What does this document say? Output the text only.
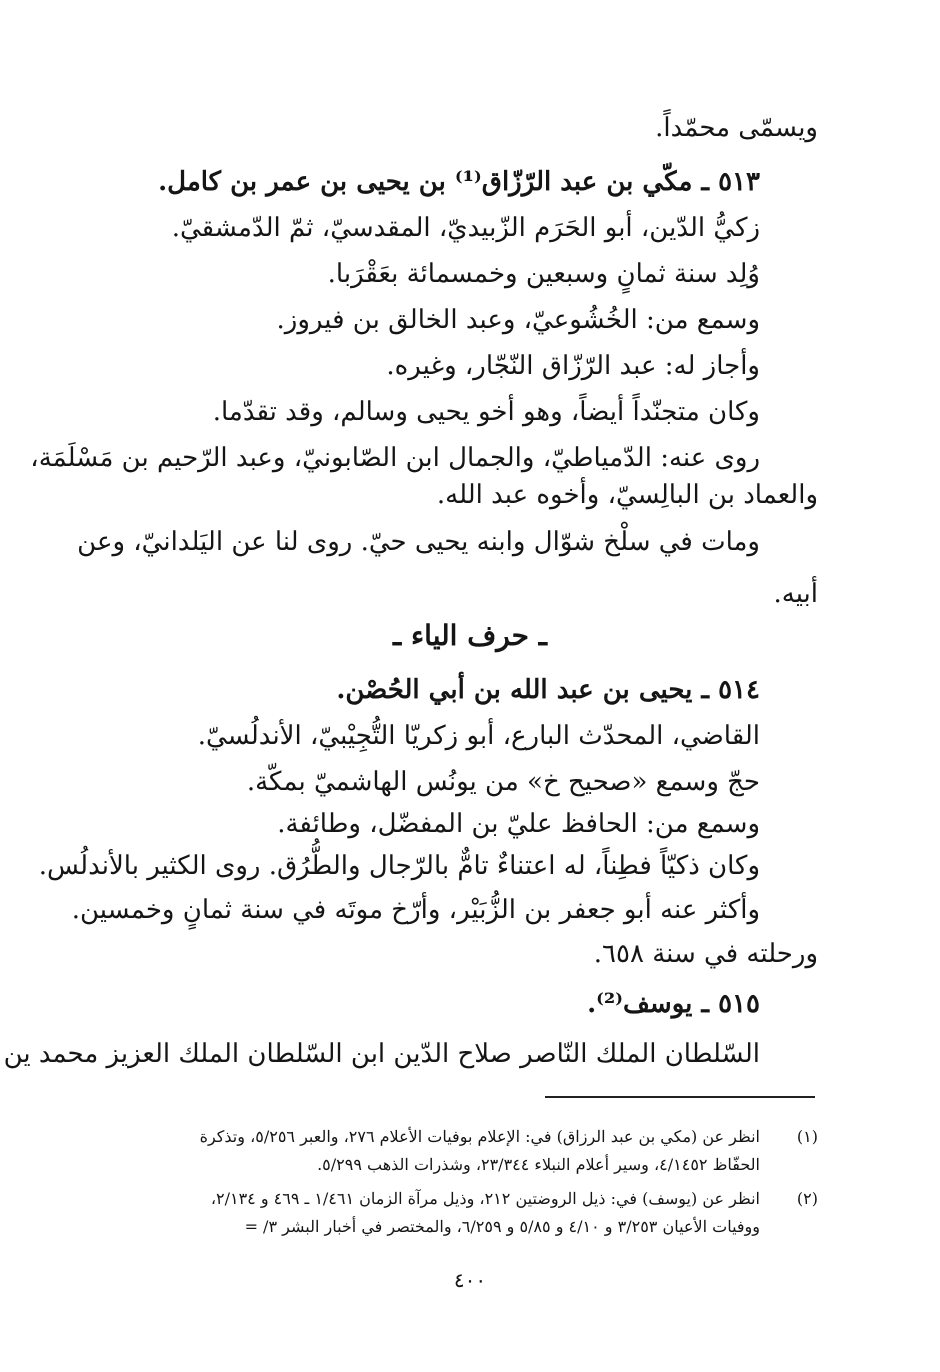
ويسمّى محمّداً.
٥١٣ ـ مكّي بن عبد الرّزّاق⁽¹⁾ بن يحيى بن عمر بن كامل.
زكيُّ الدّين، أبو الحَرَم الزّبيديّ، المقدسيّ، ثمّ الدّمشقيّ.
وُلِد سنة ثمانٍ وسبعين وخمسمائة بعَقْرَبا.
وسمع من: الخُشُوعيّ، وعبد الخالق بن فيروز.
وأجاز له: عبد الرّزّاق النّجّار، وغيره.
وكان متجنّداً أيضاً، وهو أخو يحيى وسالم، وقد تقدّما.
روى عنه: الدّمياطيّ، والجمال ابن الصّابونيّ، وعبد الرّحيم بن مَسْلَمَة،
والعماد بن البالِسيّ، وأخوه عبد الله.
ومات في سلْخ شوّال وابنه يحيى حيّ. روى لنا عن اليَلدانيّ، وعن
أبيه.
ـ حرف الياء ـ
٥١٤ ـ يحيى بن عبد الله بن أبي الحُصْن.
القاضي، المحدّث البارع، أبو زكريّا التُّجِيْبيّ، الأندلُسيّ.
حجّ وسمع «صحيح خ» من يونُس الهاشميّ بمكّة.
وسمع من: الحافظ عليّ بن المفضّل، وطائفة.
وكان ذكيّاً فطِناً، له اعتناءٌ تامٌّ بالرّجال والطُّرُق. روى الكثير بالأندلُس.
وأكثر عنه أبو جعفر بن الزُّبَيْر، وأرّخ موتَه في سنة ثمانٍ وخمسين.
ورحلته في سنة ٦٥٨.
٥١٥ ـ يوسف⁽²⁾.
السّلطان الملك النّاصر صلاح الدّين ابن السّلطان الملك العزيز محمد ين
(١)
انظر عن (مكي بن عبد الرزاق) في: الإعلام بوفيات الأعلام ٢٧٦، والعبر ٥/٢٥٦، وتذكرة
الحفّاظ ٤/١٤٥٢، وسير أعلام النبلاء ٢٣/٣٤٤، وشذرات الذهب ٥/٢٩٩.
(٢)
انظر عن (يوسف) في: ذيل الروضتين ٢١٢، وذيل مرآة الزمان ١/٤٦١ ـ ٤٦٩ و ٢/١٣٤،
ووفيات الأعيان ٣/٢٥٣ و ٤/١٠ و ٥/٨٥ و ٦/٢٥٩، والمختصر في أخبار البشر ٣/ =
٤٠٠
